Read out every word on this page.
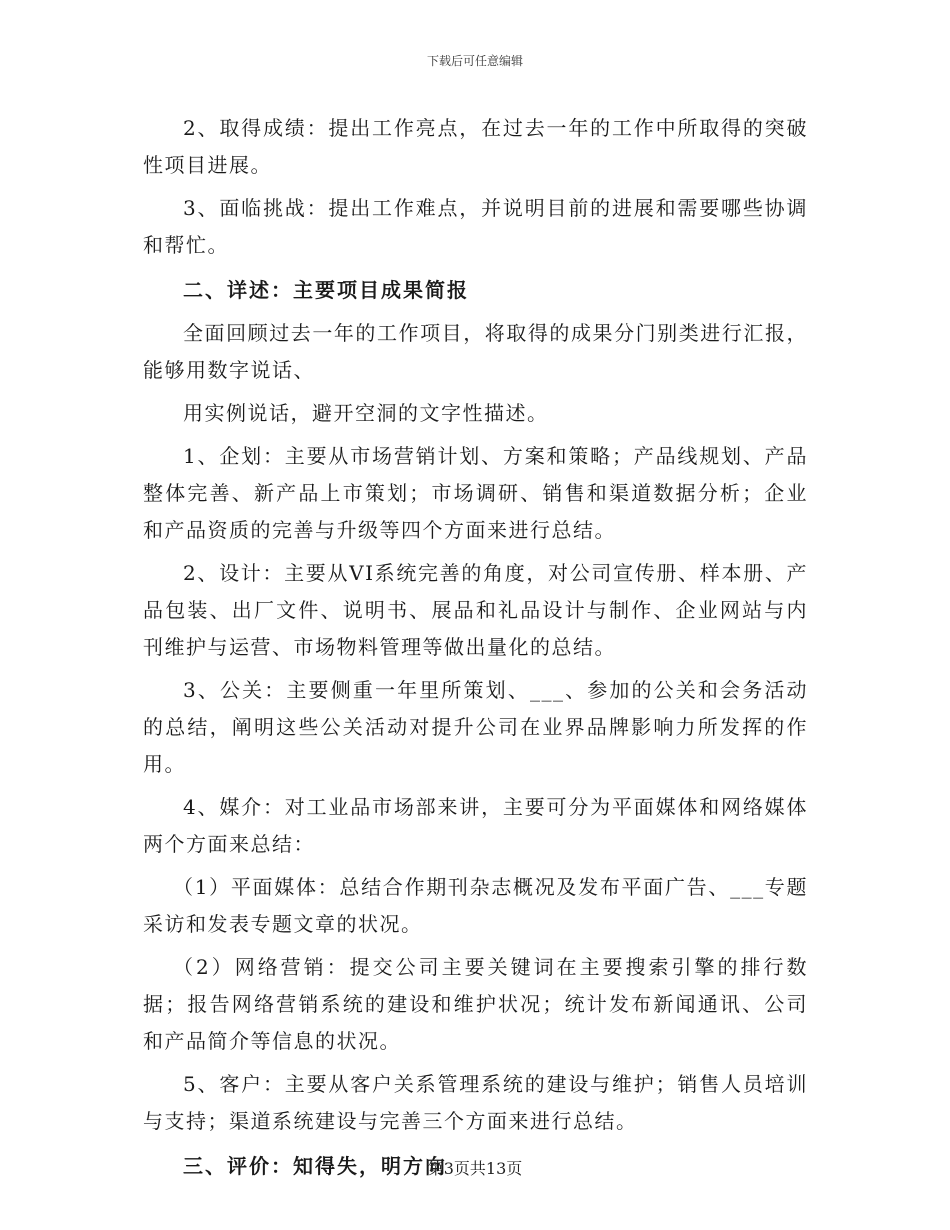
下载后可任意编辑

2、取得成绩：提出工作亮点，在过去一年的工作中所取得的突破性项目进展。

3、面临挑战：提出工作难点，并说明目前的进展和需要哪些协调和帮忙。

二、详述：主要项目成果简报

全面回顾过去一年的工作项目，将取得的成果分门别类进行汇报，能够用数字说话、

用实例说话，避开空洞的文字性描述。

1、企划：主要从市场营销计划、方案和策略；产品线规划、产品整体完善、新产品上市策划；市场调研、销售和渠道数据分析；企业和产品资质的完善与升级等四个方面来进行总结。

2、设计：主要从VI系统完善的角度，对公司宣传册、样本册、产品包装、出厂文件、说明书、展品和礼品设计与制作、企业网站与内刊维护与运营、市场物料管理等做出量化的总结。

3、公关：主要侧重一年里所策划、___、参加的公关和会务活动的总结，阐明这些公关活动对提升公司在业界品牌影响力所发挥的作用。

4、媒介：对工业品市场部来讲，主要可分为平面媒体和网络媒体两个方面来总结：

（1）平面媒体：总结合作期刊杂志概况及发布平面广告、___专题采访和发表专题文章的状况。

（2）网络营销：提交公司主要关键词在主要搜索引擎的排行数据；报告网络营销系统的建设和维护状况；统计发布新闻通讯、公司和产品简介等信息的状况。

5、客户：主要从客户关系管理系统的建设与维护；销售人员培训与支持；渠道系统建设与完善三个方面来进行总结。

三、评价：知得失，明方向

第3页共13页
